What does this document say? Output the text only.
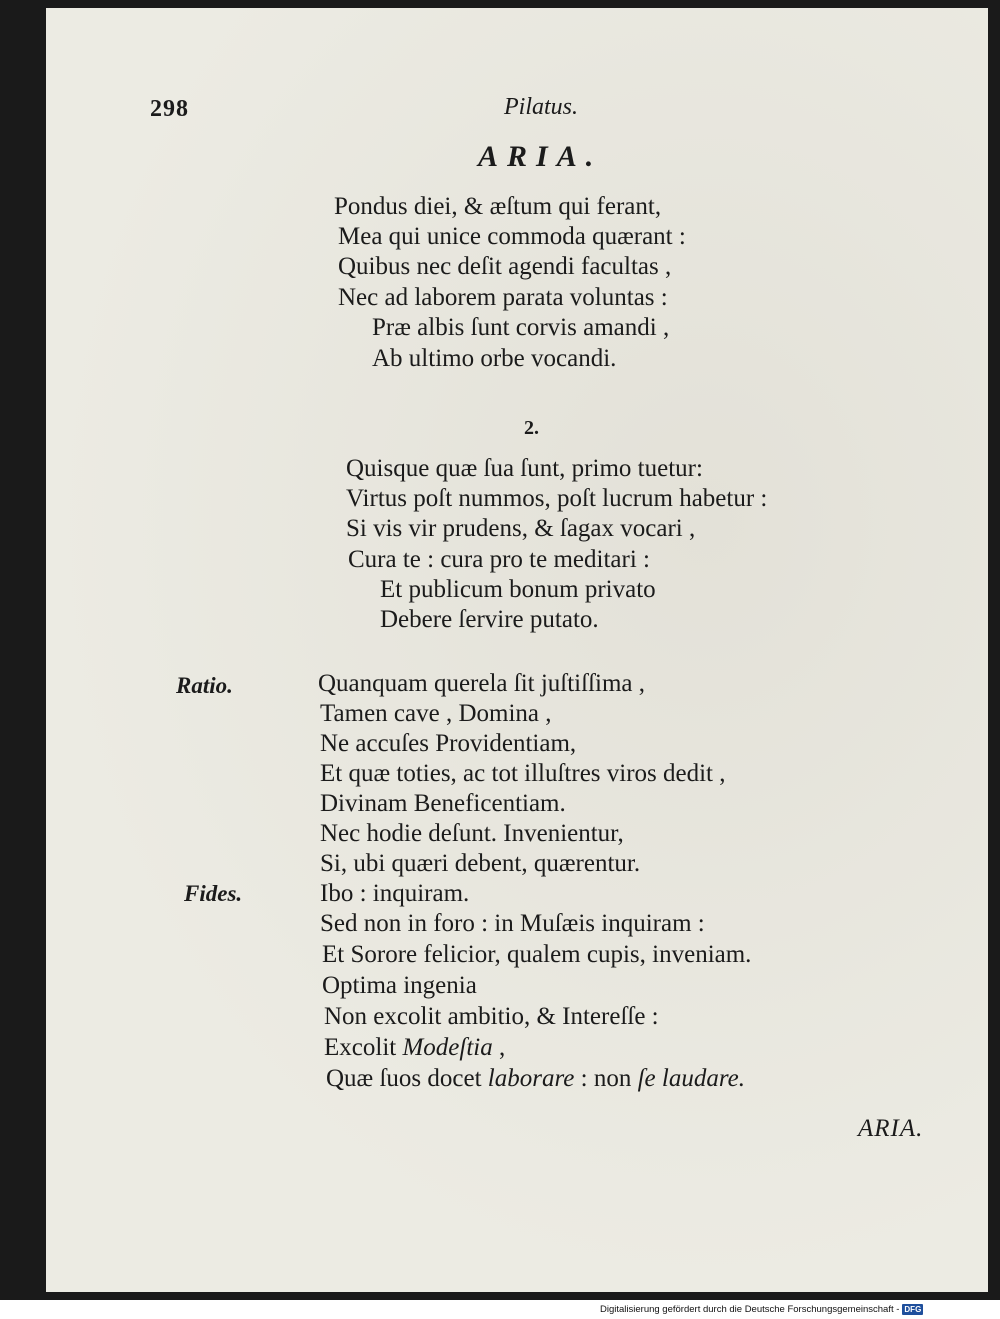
298	Pilatus.
ARIA.
Pondus diei, & æſtum qui ferant,
Mea qui unice commoda quærant :
Quibus nec deſit agendi facultas ,
Nec ad laborem parata voluntas :
Præ albis ſunt corvis amandi ,
Ab ultimo orbe vocandi.
2.
Quisque quæ ſua ſunt, primo tuetur:
Virtus poſt nummos, poſt lucrum habetur :
Si vis vir prudens, & ſagax vocari ,
Cura te : cura pro te meditari :
Et publicum bonum privato
Debere ſervire putato.
Ratio.	Quanquam querela ſit juſtiſſima ,
Tamen cave , Domina ,
Ne accuſes Providentiam,
Et quæ toties, ac tot illuſtres viros dedit ,
Divinam Beneficentiam.
Nec hodie deſunt. Invenientur,
Si, ubi quæri debent, quærentur.
Fides.	Ibo : inquiram.
Sed non in foro : in Muſæis inquiram :
Et Sorore felicior, qualem cupis, inveniam.
Optima ingenia
Non excolit ambitio, & Intereſſe :
Excolit Modeſtia ,
Quæ ſuos docet laborare : non ſe laudare.
ARIA.
Digitalisierung gefördert durch die Deutsche Forschungsgemeinschaft - DFG
